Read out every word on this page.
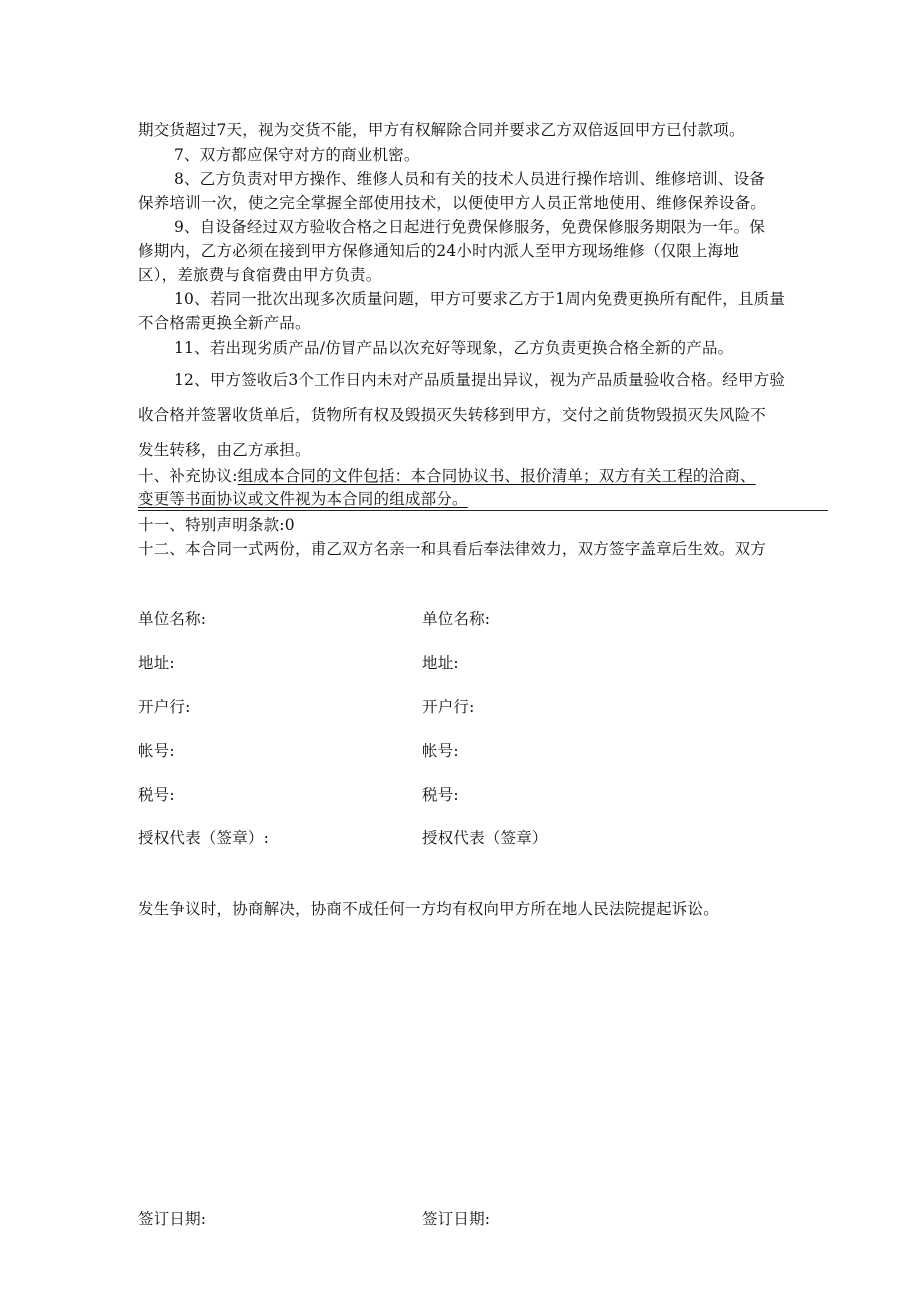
期交货超过7天，视为交货不能，甲方有权解除合同并要求乙方双倍返回甲方已付款项。
7、双方都应保守对方的商业机密。
8、乙方负责对甲方操作、维修人员和有关的技术人员进行操作培训、维修培训、设备
保养培训一次，使之完全掌握全部使用技术，以便使甲方人员正常地使用、维修保养设备。
9、自设备经过双方验收合格之日起进行免费保修服务，免费保修服务期限为一年。保
修期内，乙方必须在接到甲方保修通知后的24小时内派人至甲方现场维修（仅限上海地
区），差旅费与食宿费由甲方负责。
10、若同一批次出现多次质量问题，甲方可要求乙方于1周内免费更换所有配件，且质量
不合格需更换全新产品。
11、若出现劣质产品/仿冒产品以次充好等现象，乙方负责更换合格全新的产品。
12、甲方签收后3个工作日内未对产品质量提出异议，视为产品质量验收合格。经甲方验
收合格并签署收货单后，货物所有权及毁损灭失转移到甲方，交付之前货物毁损灭失风险不
发生转移，由乙方承担。
十、补充协议:组成本合同的文件包括：本合同协议书、报价清单；双方有关工程的洽商、
变更等书面协议或文件视为本合同的组成部分。
十一、特别声明条款:0
十二、本合同一式两份，甫乙双方名亲一和具看后奉法律效力，双方签字盖章后生效。双方
单位名称:	单位名称:
地址:	地址:
开户行:	开户行:
帐号:	帐号:
税号:	税号:
授权代表（签章）:	授权代表（签章）
发生争议时，协商解决，协商不成任何一方均有权向甲方所在地人民法院提起诉讼。
签订日期:	签订日期:
